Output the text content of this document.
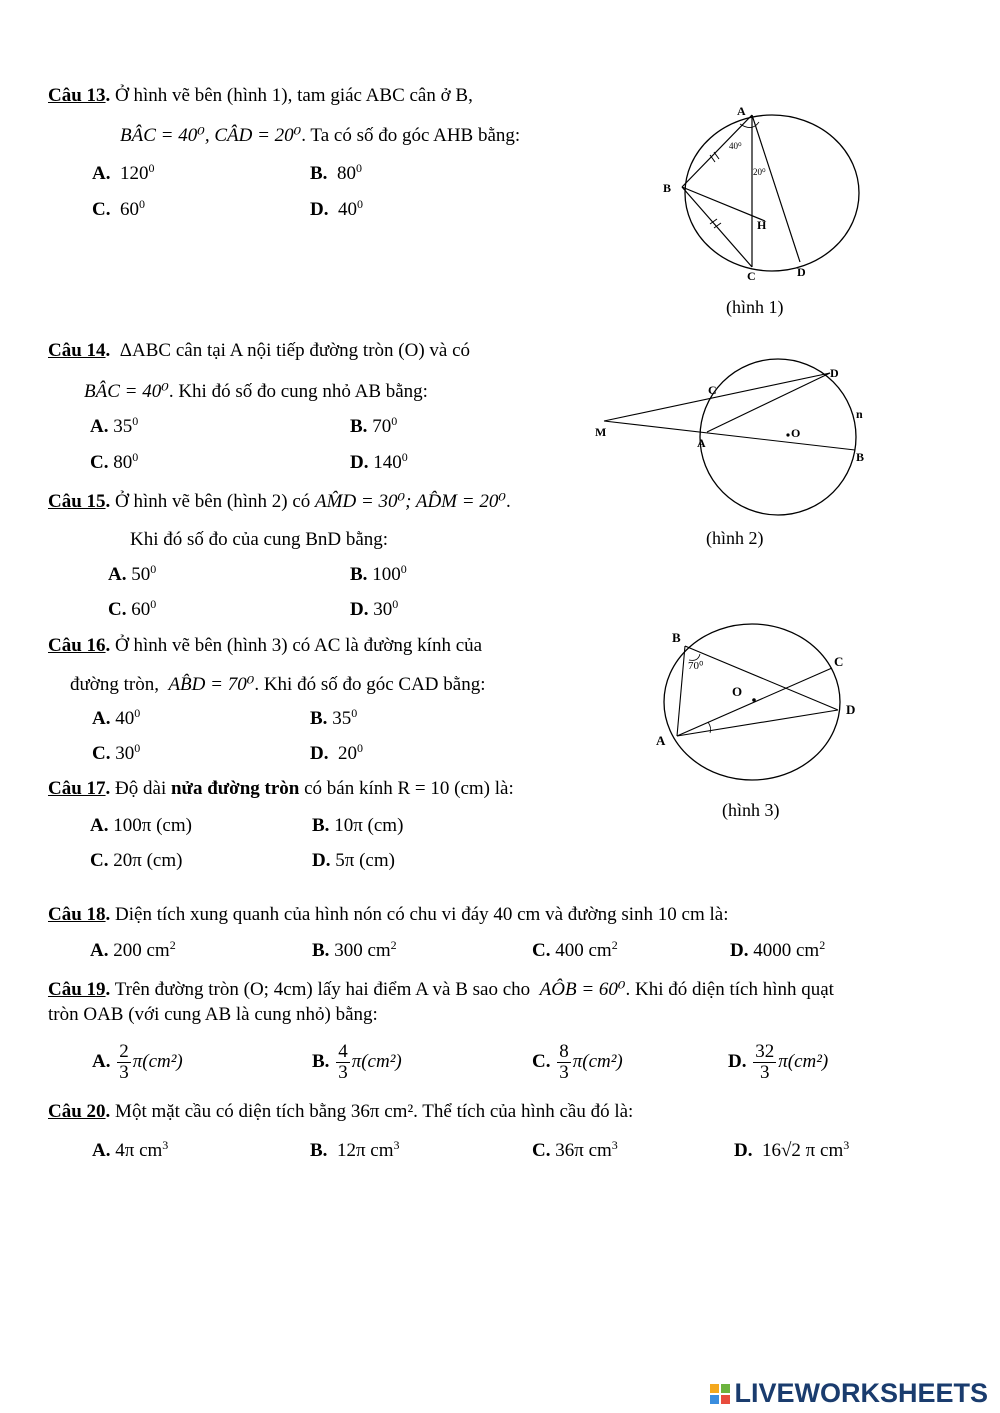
Câu 13. Ở hình vẽ bên (hình 1), tam giác ABC cân ở B,
BÂC = 40⁰, CÂD = 20⁰. Ta có số đo góc AHB bằng:
A. $120^0$	B. $80^0$
C. $60^0$	D. $40^0$
A
B
C	D
H
40⁰
20⁰
(hình 1)
Câu 14. ΔABC cân tại A nội tiếp đường tròn (O) và có
BÂC = 40⁰. Khi đó số đo cung nhỏ AB bằng:
A. $35^0$	B. $70^0$
C. $80^0$	D. $140^0$
M
A
C
D
n
O
B
(hình 2)
Câu 15. Ở hình vẽ bên (hình 2) có AM̂D = 30⁰; AD̂M = 20⁰.
Khi đó số đo của cung BnD bằng:
A. $50^0$	B. $100^0$
C. $60^0$	D. $30^0$
Câu 16. Ở hình vẽ bên (hình 3) có AC là đường kính của
đường tròn, AB̂D = 70⁰. Khi đó số đo góc CAD bằng:
A. $40^0$	B. $35^0$
C. $30^0$	D. $20^0$
B
C
D
A
O
70⁰
(hình 3)
Câu 17. Độ dài nửa đường tròn có bán kính R = 10 (cm) là:
A. 100π (cm)	B. 10π (cm)
C. 20π (cm)	D. 5π (cm)
Câu 18. Diện tích xung quanh của hình nón có chu vi đáy 40 cm và đường sinh 10 cm là:
A. 200 $cm^2$	B. 300 $cm^2$	C. 400 $cm^2$	D. 4000 $cm^2$
Câu 19. Trên đường tròn (O; 4cm) lấy hai điểm A và B sao cho AÔB = 60⁰. Khi đó diện tích hình quạt
tròn OAB (với cung AB là cung nhỏ) bằng:
A. $\frac{2}{3} \pi(cm^2)$	B. $\frac{4}{3} \pi(cm^2)$	C. $\frac{8}{3} \pi(cm^2)$	D. $\frac{32}{3} \pi(cm^2)$
Câu 20. Một mặt cầu có diện tích bằng 36π cm². Thể tích của hình cầu đó là:
A. 4π $cm^3$	B. 12π $cm^3$	C. 36π $cm^3$	D. 16√2 π $cm^3$
LIVEWORKSHEETS
